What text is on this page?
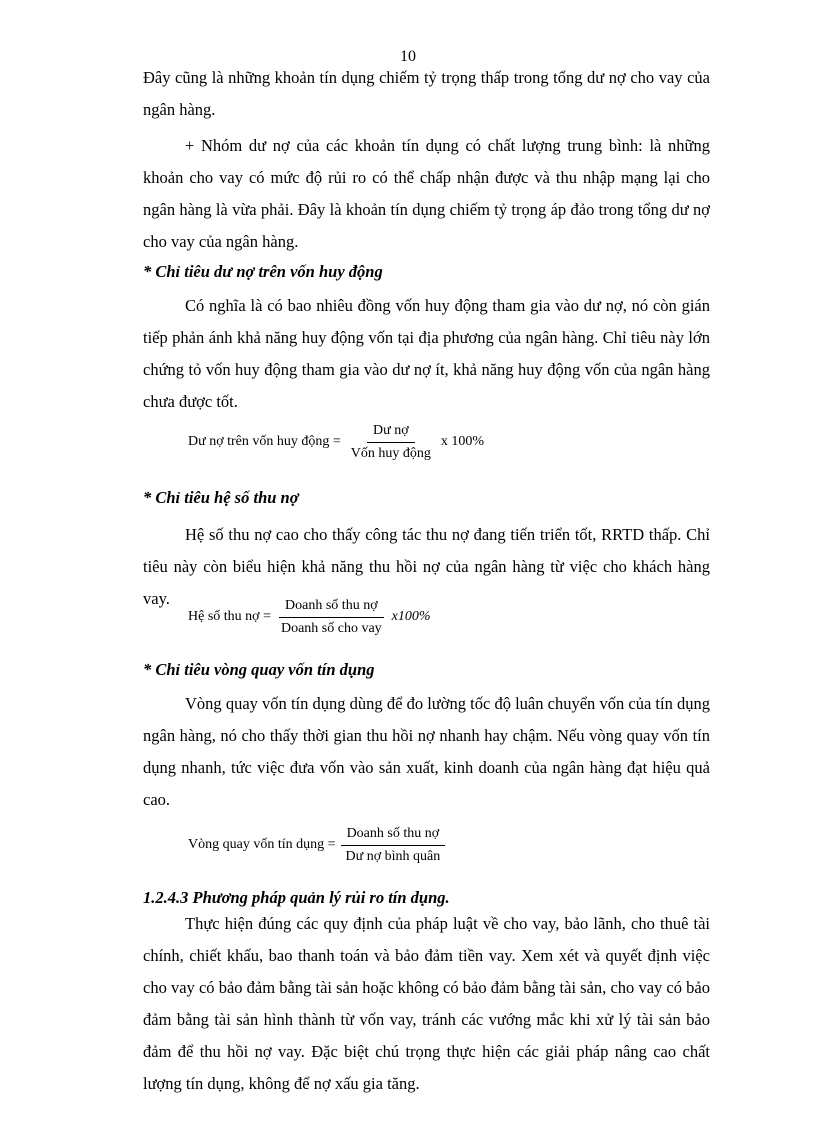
10

Đây cũng là những khoản tín dụng chiếm tỷ trọng thấp trong tổng dư nợ cho vay của ngân hàng.

+ Nhóm dư nợ của các khoản tín dụng có chất lượng trung bình: là những khoản cho vay có mức độ rủi ro có thể chấp nhận được và thu nhập mạng lại cho ngân hàng là vừa phải. Đây là khoản tín dụng chiếm tỷ trọng áp đảo trong tổng dư nợ cho vay của ngân hàng.

* Chỉ tiêu dư nợ trên vốn huy động

Có nghĩa là có bao nhiêu đồng vốn huy động tham gia vào dư nợ, nó còn gián tiếp phản ánh khả năng huy động vốn tại địa phương của ngân hàng. Chỉ tiêu này lớn chứng tỏ vốn huy động tham gia vào dư nợ ít, khả năng huy động vốn của ngân hàng chưa được tốt.

Dư nợ trên vốn huy động = $\frac{\text{Dư nợ}}{\text{Vốn huy động}}$ x 100%

* Chỉ tiêu hệ số thu nợ

Hệ số thu nợ cao cho thấy công tác thu nợ đang tiến triển tốt, RRTD thấp. Chỉ tiêu này còn biểu hiện khả năng thu hồi nợ của ngân hàng từ việc cho khách hàng vay.

Hệ số thu nợ = $\frac{\text{Doanh số thu nợ}}{\text{Doanh số cho vay}} x100\%$

* Chỉ tiêu vòng quay vốn tín dụng

Vòng quay vốn tín dụng dùng để đo lường tốc độ luân chuyển vốn của tín dụng ngân hàng, nó cho thấy thời gian thu hồi nợ nhanh hay chậm. Nếu vòng quay vốn tín dụng nhanh, tức việc đưa vốn vào sản xuất, kinh doanh của ngân hàng đạt hiệu quả cao.

Vòng quay vốn tín dụng = $\frac{\text{Doanh số thu nợ}}{\text{Dư nợ bình quân}}$

1.2.4.3 Phương pháp quản lý rủi ro tín dụng.

Thực hiện đúng các quy định của pháp luật về cho vay, bảo lãnh, cho thuê tài chính, chiết khấu, bao thanh toán và bảo đảm tiền vay. Xem xét và quyết định việc cho vay có bảo đảm bằng tài sản hoặc không có bảo đảm bằng tài sản, cho vay có bảo đảm bằng tài sản hình thành từ vốn vay, tránh các vướng mắc khi xử lý tài sản bảo đảm để thu hồi nợ vay. Đặc biệt chú trọng thực hiện các giải pháp nâng cao chất lượng tín dụng, không để nợ xấu gia tăng.
